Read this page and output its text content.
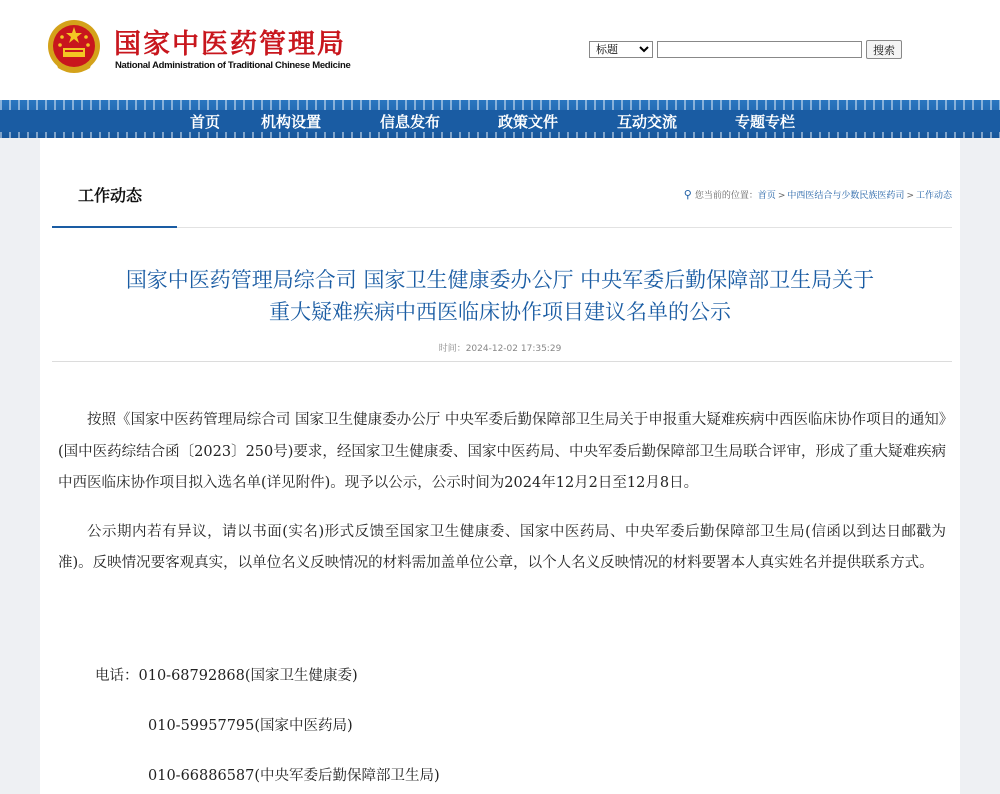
国家中医药管理局
National Administration of Traditional Chinese Medicine
标题
搜索
首页	机构设置	信息发布	政策文件	互动交流	专题专栏
工作动态	⚲ 您当前的位置：首页 > 中西医结合与少数民族医药司 > 工作动态
国家中医药管理局综合司 国家卫生健康委办公厅 中央军委后勤保障部卫生局关于
重大疑难疾病中西医临床协作项目建议名单的公示
时间：2024-12-02 17:35:29

按照《国家中医药管理局综合司 国家卫生健康委办公厅 中央军委后勤保障部卫生局关于申报重大疑难疾病中西医临床协作项目的通知》(国中医药综结合函〔2023〕250号)要求，经国家卫生健康委、国家中医药局、中央军委后勤保障部卫生局联合评审，形成了重大疑难疾病中西医临床协作项目拟入选名单(详见附件)。现予以公示，公示时间为2024年12月2日至12月8日。

公示期内若有异议，请以书面(实名)形式反馈至国家卫生健康委、国家中医药局、中央军委后勤保障部卫生局(信函以到达日邮戳为准)。反映情况要客观真实，以单位名义反映情况的材料需加盖单位公章，以个人名义反映情况的材料要署本人真实姓名并提供联系方式。

电话：010-68792868(国家卫生健康委)
010-59957795(国家中医药局)
010-66886587(中央军委后勤保障部卫生局)
